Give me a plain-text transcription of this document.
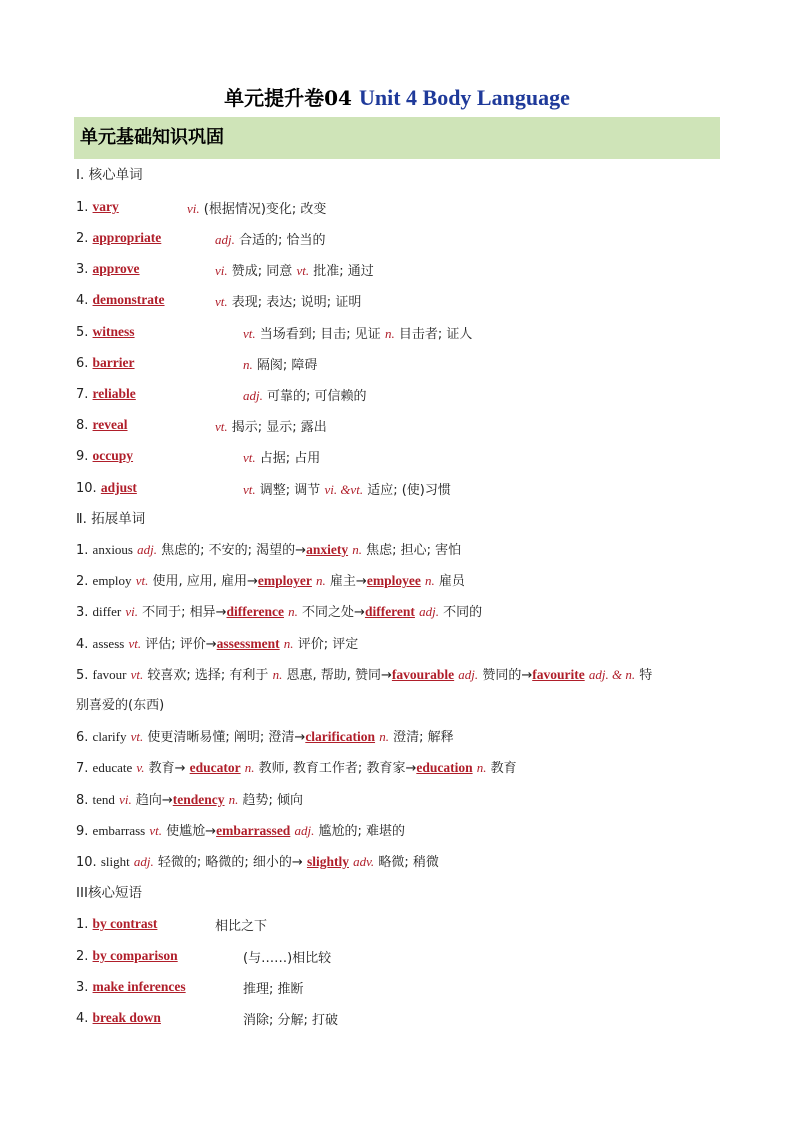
单元提升卷04 Unit 4 Body Language
单元基础知识巩固
Ⅰ. 核心单词
1. vary	vi. (根据情况)变化; 改变
2. appropriate	adj. 合适的; 恰当的
3. approve	vi. 赞成; 同意 vt. 批准; 通过
4. demonstrate	vt. 表现; 表达; 说明; 证明
5. witness	vt. 当场看到; 目击; 见证 n. 目击者; 证人
6. barrier	n. 隔阂; 障碍
7. reliable	adj. 可靠的; 可信赖的
8. reveal	vt. 揭示; 显示; 露出
9. occupy	vt. 占据; 占用
10. adjust	vt. 调整; 调节 vi. &vt. 适应; (使)习惯
Ⅱ. 拓展单词
1. anxious adj. 焦虑的; 不安的; 渴望的→anxiety n. 焦虑; 担心; 害怕
2. employ vt. 使用, 应用, 雇用→employer n. 雇主→employee n. 雇员
3. differ vi. 不同于; 相异→difference n. 不同之处→different adj. 不同的
4. assess vt. 评估; 评价→assessment n. 评价; 评定
5. favour vt. 较喜欢; 选择; 有利于 n. 恩惠, 帮助, 赞同→favourable adj. 赞同的→favourite adj. & n. 特
别喜爱的(东西)
6. clarify vt. 使更清晰易懂; 阐明; 澄清→clarification n. 澄清; 解释
7. educate v. 教育→ educator n. 教师, 教育工作者; 教育家→education n. 教育
8. tend vi. 趋向→tendency n. 趋势; 倾向
9. embarrass vt. 使尴尬→embarrassed adj. 尴尬的; 难堪的
10. slight adj. 轻微的; 略微的; 细小的→ slightly adv. 略微; 稍微
III核心短语
1. by contrast	相比之下
2. by comparison	(与……)相比较
3. make inferences	推理; 推断
4. break down	消除; 分解; 打破
